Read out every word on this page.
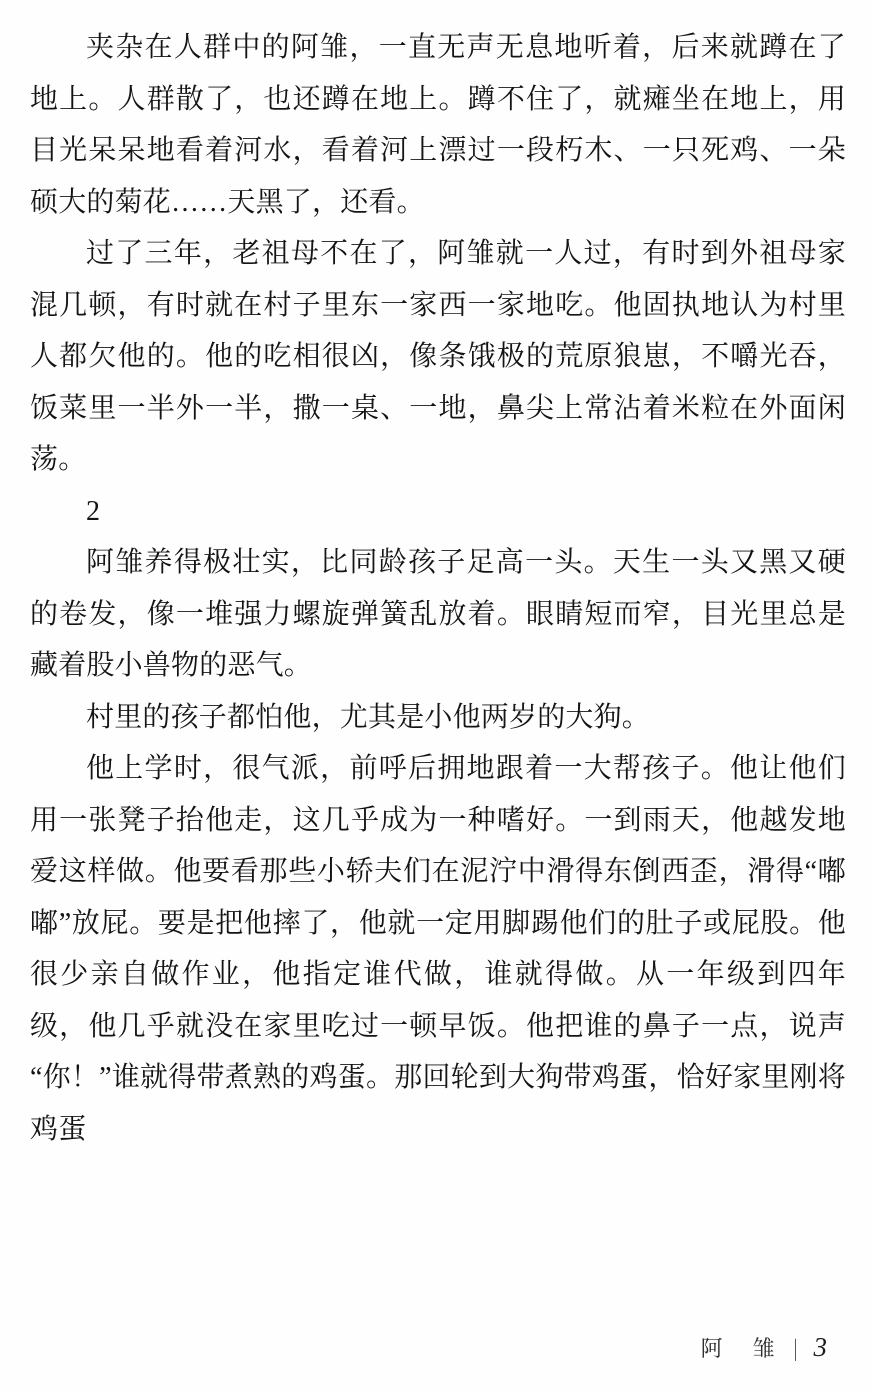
夹杂在人群中的阿雏，一直无声无息地听着，后来就蹲在了地上。人群散了，也还蹲在地上。蹲不住了，就瘫坐在地上，用目光呆呆地看着河水，看着河上漂过一段朽木、一只死鸡、一朵硕大的菊花……天黑了，还看。

过了三年，老祖母不在了，阿雏就一人过，有时到外祖母家混几顿，有时就在村子里东一家西一家地吃。他固执地认为村里人都欠他的。他的吃相很凶，像条饿极的荒原狼崽，不嚼光吞，饭菜里一半外一半，撒一桌、一地，鼻尖上常沾着米粒在外面闲荡。

2

阿雏养得极壮实，比同龄孩子足高一头。天生一头又黑又硬的卷发，像一堆强力螺旋弹簧乱放着。眼睛短而窄，目光里总是藏着股小兽物的恶气。

村里的孩子都怕他，尤其是小他两岁的大狗。

他上学时，很气派，前呼后拥地跟着一大帮孩子。他让他们用一张凳子抬他走，这几乎成为一种嗜好。一到雨天，他越发地爱这样做。他要看那些小轿夫们在泥泞中滑得东倒西歪，滑得“嘟嘟”放屁。要是把他摔了，他就一定用脚踢他们的肚子或屁股。他很少亲自做作业，他指定谁代做，谁就得做。从一年级到四年级，他几乎就没在家里吃过一顿早饭。他把谁的鼻子一点，说声“你！”谁就得带煮熟的鸡蛋。那回轮到大狗带鸡蛋，恰好家里刚将鸡蛋

阿　雏 | 3
